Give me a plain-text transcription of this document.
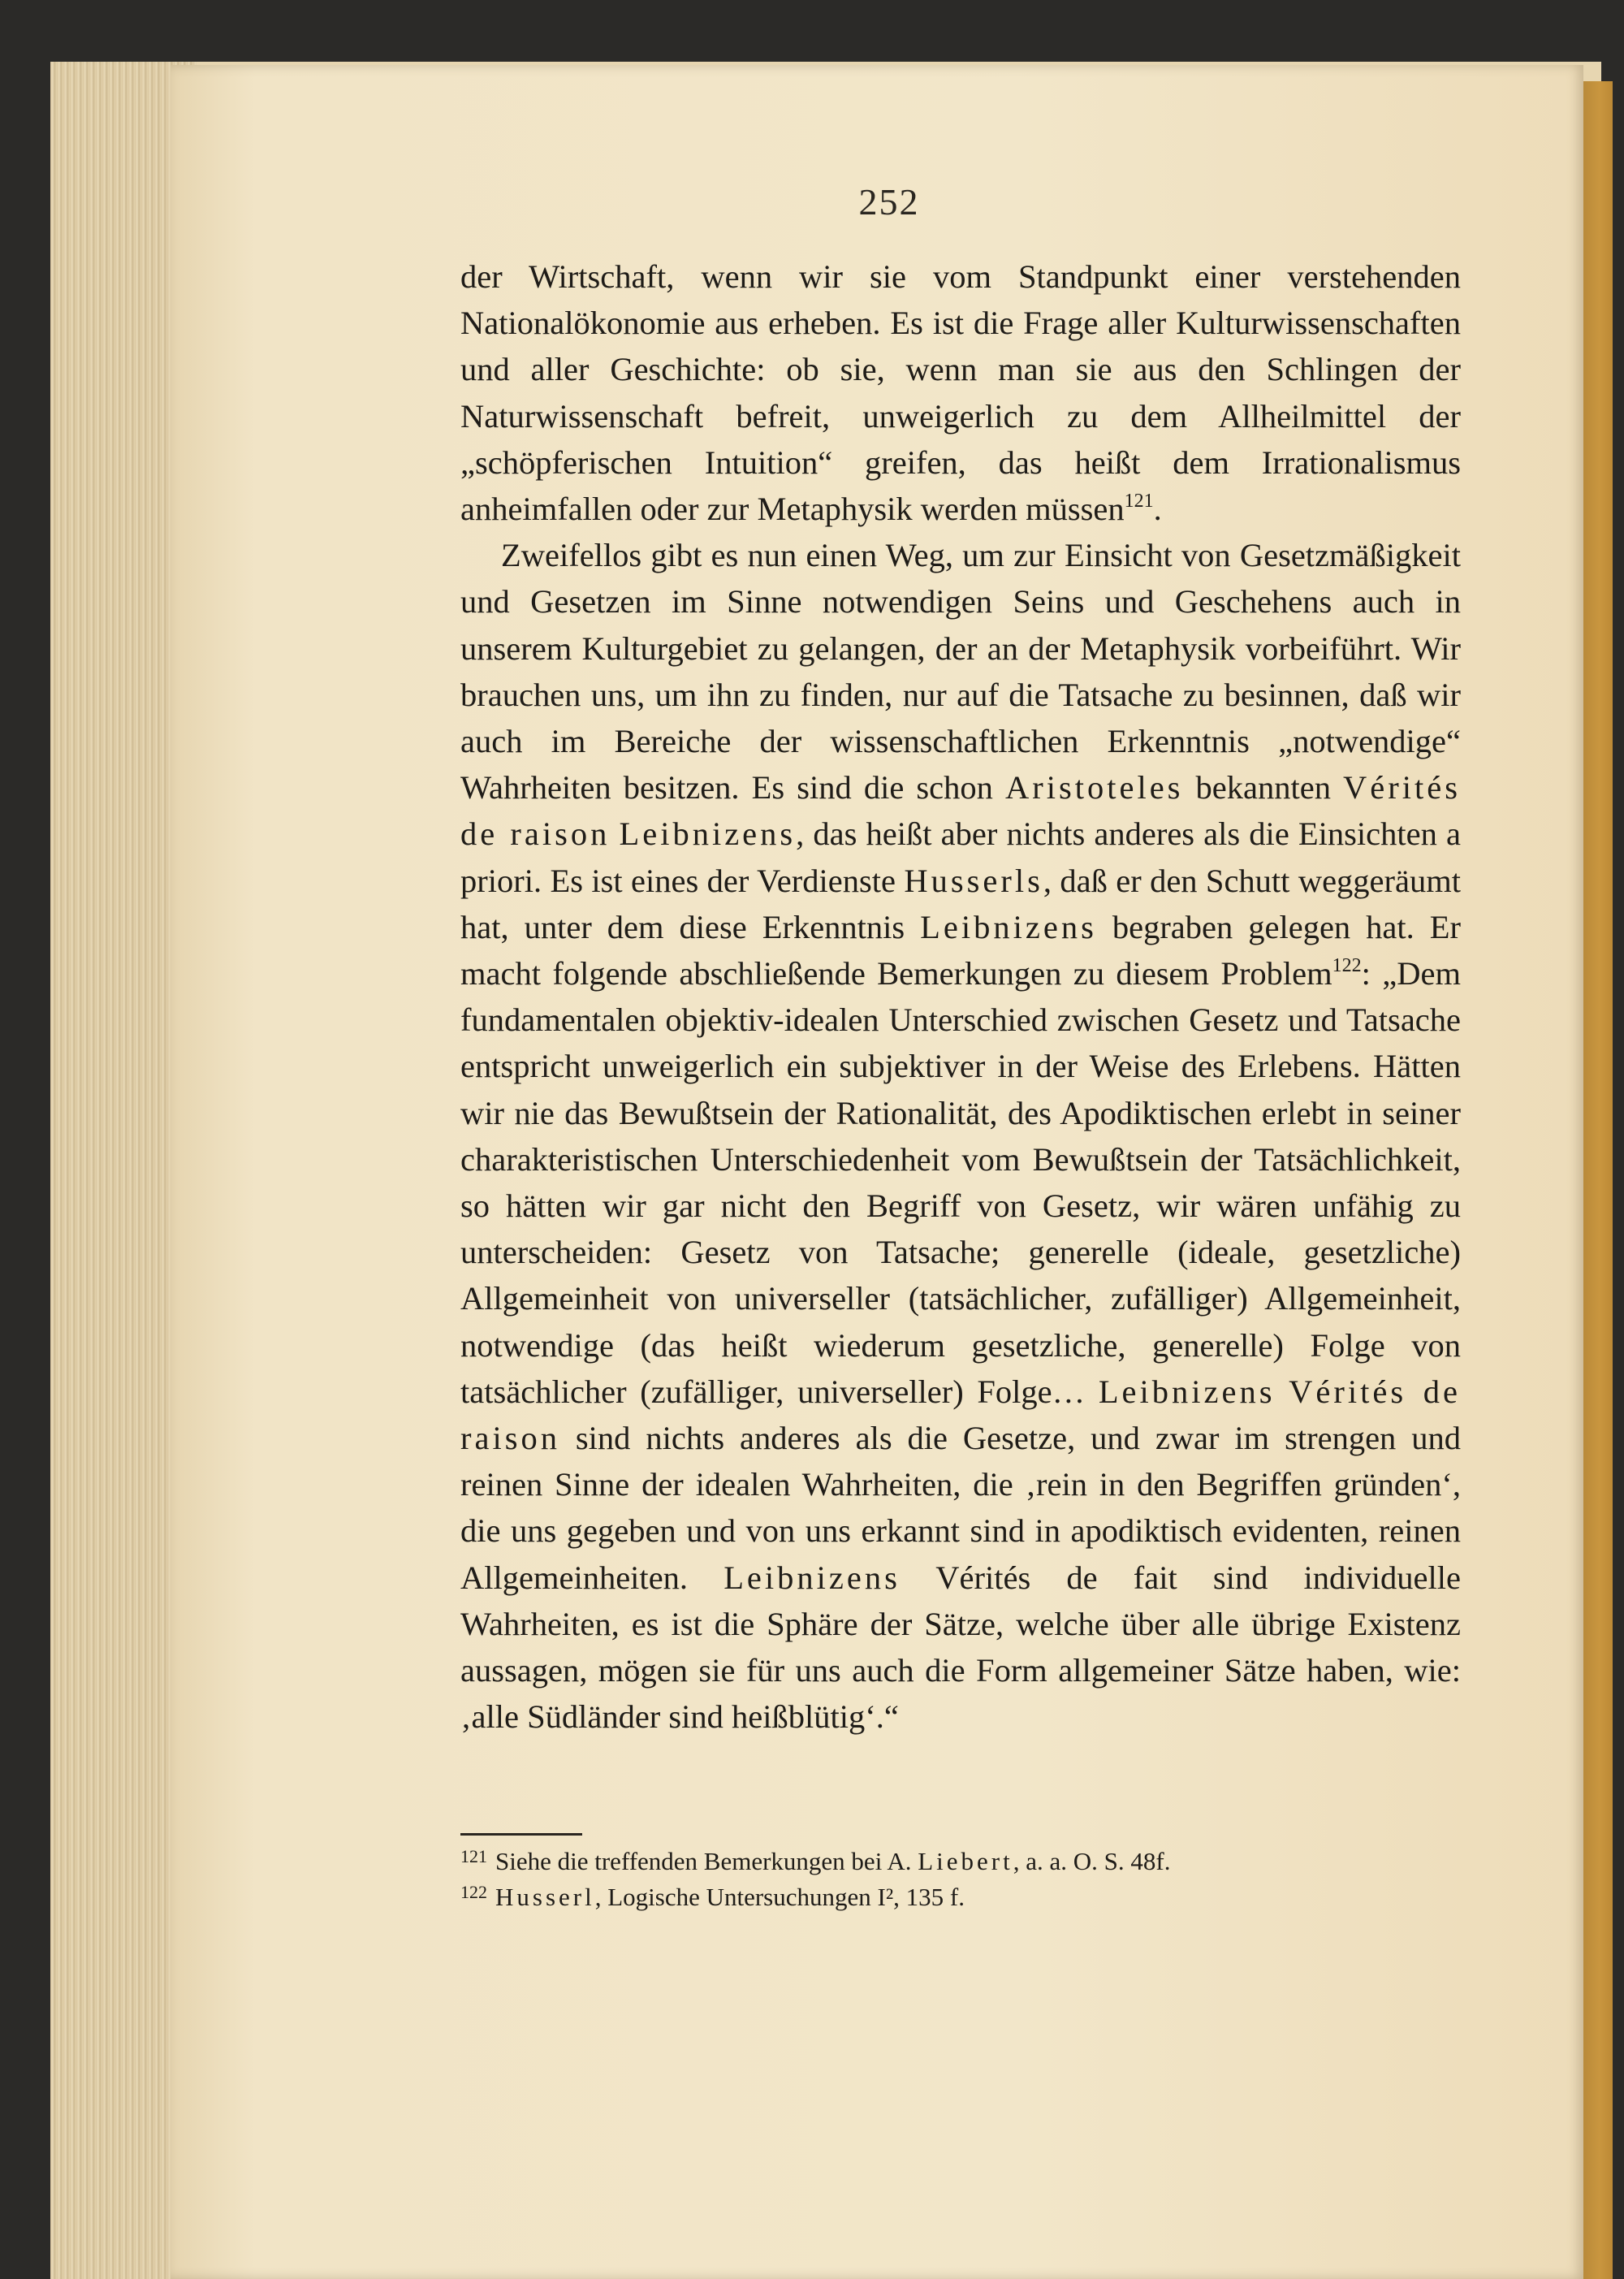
252

der Wirtschaft, wenn wir sie vom Standpunkt einer verstehenden Nationalökonomie aus erheben. Es ist die Frage aller Kulturwissenschaften und aller Geschichte: ob sie, wenn man sie aus den Schlingen der Naturwissenschaft befreit, unweigerlich zu dem Allheilmittel der „schöpferischen Intuition“ greifen, das heißt dem Irrationalismus anheimfallen oder zur Metaphysik werden müssen$^{121}$.

Zweifellos gibt es nun einen Weg, um zur Einsicht von Gesetzmäßigkeit und Gesetzen im Sinne notwendigen Seins und Geschehens auch in unserem Kulturgebiet zu gelangen, der an der Metaphysik vorbeiführt. Wir brauchen uns, um ihn zu finden, nur auf die Tatsache zu besinnen, daß wir auch im Bereiche der wissenschaftlichen Erkenntnis „notwendige“ Wahrheiten besitzen. Es sind die schon Aristoteles bekannten Vérités de raison Leibnizens, das heißt aber nichts anderes als die Einsichten a priori. Es ist eines der Verdienste Husserls, daß er den Schutt weggeräumt hat, unter dem diese Erkenntnis Leibnizens begraben gelegen hat. Er macht folgende abschließende Bemerkungen zu diesem Problem$^{122}$: „Dem fundamentalen objektiv-idealen Unterschied zwischen Gesetz und Tatsache entspricht unweigerlich ein subjektiver in der Weise des Erlebens. Hätten wir nie das Bewußtsein der Rationalität, des Apodiktischen erlebt in seiner charakteristischen Unterschiedenheit vom Bewußtsein der Tatsächlichkeit, so hätten wir gar nicht den Begriff von Gesetz, wir wären unfähig zu unterscheiden: Gesetz von Tatsache; generelle (ideale, gesetzliche) Allgemeinheit von universeller (tatsächlicher, zufälliger) Allgemeinheit, notwendige (das heißt wiederum gesetzliche, generelle) Folge von tatsächlicher (zufälliger, universeller) Folge… Leibnizens Vérités de raison sind nichts anderes als die Gesetze, und zwar im strengen und reinen Sinne der idealen Wahrheiten, die ‚rein in den Begriffen gründen‘, die uns gegeben und von uns erkannt sind in apodiktisch evidenten, reinen Allgemeinheiten. Leibnizens Vérités de fait sind individuelle Wahrheiten, es ist die Sphäre der Sätze, welche über alle übrige Existenz aussagen, mögen sie für uns auch die Form allgemeiner Sätze haben, wie: ‚alle Südländer sind heißblütig‘.“

$^{121}$ Siehe die treffenden Bemerkungen bei A. Liebert, a. a. O. S. 48f.
$^{122}$ Husserl, Logische Untersuchungen I², 135 f.
